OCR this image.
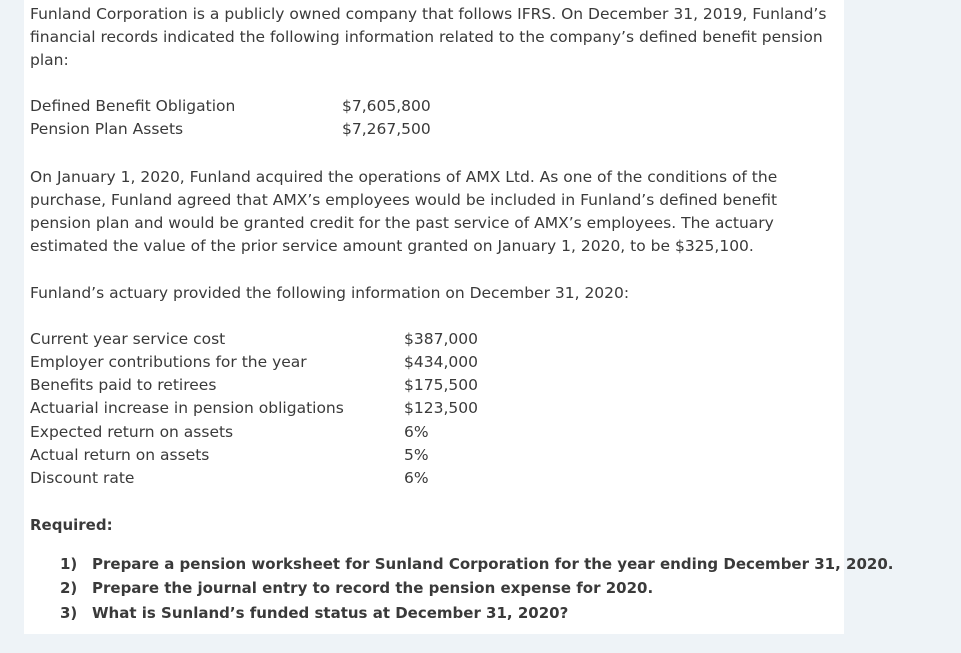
Funland Corporation is a publicly owned company that follows IFRS. On December 31, 2019, Funland’s
financial records indicated the following information related to the company’s defined benefit pension
plan:
Defined Benefit Obligation	$7,605,800
Pension Plan Assets	$7,267,500
On January 1, 2020, Funland acquired the operations of AMX Ltd. As one of the conditions of the
purchase, Funland agreed that AMX’s employees would be included in Funland’s defined benefit
pension plan and would be granted credit for the past service of AMX’s employees. The actuary
estimated the value of the prior service amount granted on January 1, 2020, to be $325,100.
Funland’s actuary provided the following information on December 31, 2020:
Current year service cost	$387,000
Employer contributions for the year	$434,000
Benefits paid to retirees	$175,500
Actuarial increase in pension obligations	$123,500
Expected return on assets	6%
Actual return on assets	5%
Discount rate	6%
Required:
1) Prepare a pension worksheet for Sunland Corporation for the year ending December 31, 2020.
2) Prepare the journal entry to record the pension expense for 2020.
3) What is Sunland’s funded status at December 31, 2020?
